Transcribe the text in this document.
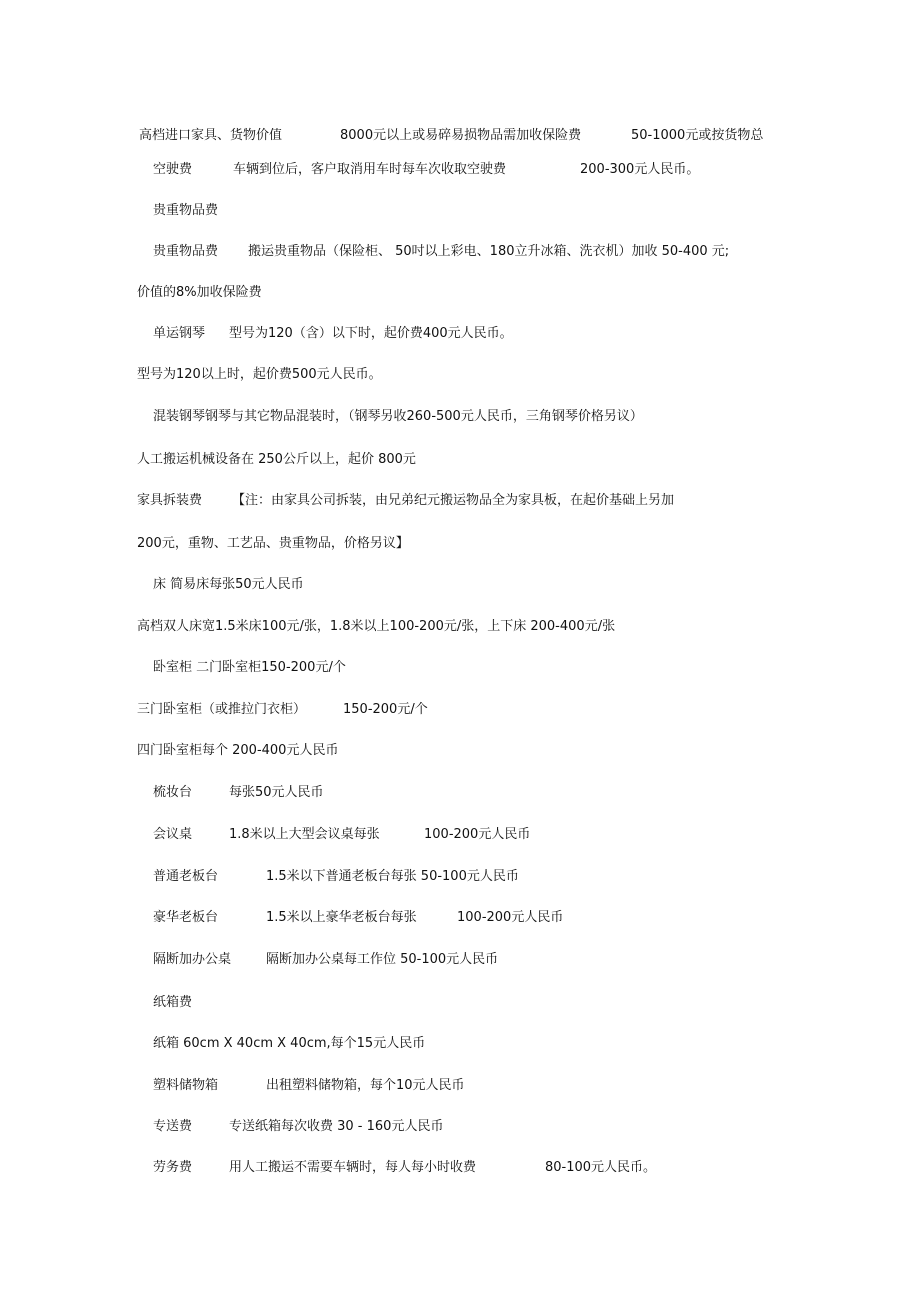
高档进口家具、货物价值	8000元以上或易碎易损物品需加收保险费	50-1000元或按货物总

空驶费	车辆到位后，客户取消用车时每车次收取空驶费	200-300元人民币。

贵重物品费

贵重物品费 搬运贵重物品（保险柜、 50吋以上彩电、180立升冰箱、洗衣机）加收 50-400 元;

价值的8%加收保险费

单运钢琴 型号为120（含）以下时，起价费400元人民币。

型号为120以上时，起价费500元人民币。

混装钢琴钢琴与其它物品混装时，（钢琴另收260-500元人民币，三角钢琴价格另议）

人工搬运机械设备在 250公斤以上，起价 800元

家具拆装费 【注：由家具公司拆装，由兄弟纪元搬运物品全为家具板，在起价基础上另加

200元，重物、工艺品、贵重物品，价格另议】

床 简易床每张50元人民币

高档双人床宽1.5米床100元/张，1.8米以上100-200元/张，上下床 200-400元/张

卧室柜 二门卧室柜150-200元/个

三门卧室柜（或推拉门衣柜）	150-200元/个

四门卧室柜每个 200-400元人民币

梳妆台	每张50元人民币

会议桌	1.8米以上大型会议桌每张	100-200元人民币

普通老板台	1.5米以下普通老板台每张 50-100元人民币

豪华老板台	1.5米以上豪华老板台每张	100-200元人民币

隔断加办公桌	隔断加办公桌每工作位 50-100元人民币

纸箱费

纸箱 60cm X 40cm X 40cm,每个15元人民币

塑料储物箱	出租塑料储物箱，每个10元人民币

专送费	专送纸箱每次收费 30 - 160元人民币

劳务费	用人工搬运不需要车辆时，每人每小时收费	80-100元人民币。
